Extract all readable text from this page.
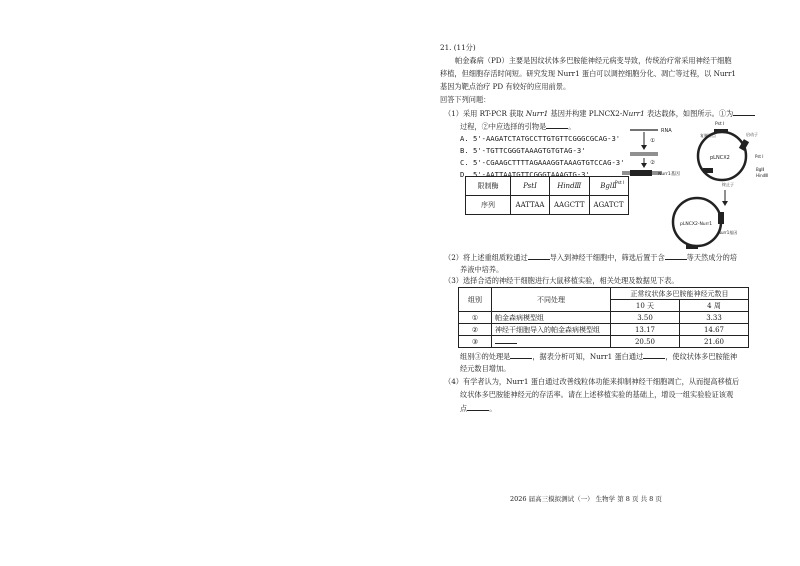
21. (11分)
帕金森病（PD）主要是因纹状体多巴胺能神经元病变导致，传统治疗常采用神经干细胞
移植，但细胞存活时间短。研究发现 Nurr1 蛋白可以调控细胞分化、凋亡等过程，以 Nurr1
基因为靶点治疗 PD 有较好的应用前景。
回答下列问题：
（1）采用 RT-PCR 获取 Nurr1 基因并构建 PLNCX2-Nurr1 表达载体，如图所示。①为
过程，②中应选择的引物是	。
A. 5'-AAGATCTATGCCTTGTGTTCGGGCGCAG-3'
B. 5'-TGTTCGGGTAAAGTGTGTAG-3'
C. 5'-CGAAGCTTTTAGAAAGGTAAAGTGTCCAG-3'
D. 5'-AATTAATGTTCGGGTAAAGTG-3'
限制酶	PstI	HindⅢ	BglⅡ
序列	AATTAA	AAGCTT	AGATCT
RNA
①
②
Nurr1基因
Pst I
pLNCX2
Pst I
复制原点	启动子
Pst I
BglⅡ
HindⅢ
终止子
pLNCX2-Nurr1
Nurr1基因
（2）将上述重组质粒通过	导入到神经干细胞中，筛选后置于含	等天然成分的培
养液中培养。
（3）选择合适的神经干细胞进行大鼠移植实验，相关处理及数据见下表。
组别	不同处理	正常纹状体多巴胺能神经元数目	
		10 天	4 周
①	帕金森病模型组	3.50	3.33
②	神经干细胞导入的帕金森病模型组	13.17	14.67
③		20.50	21.60
组别③的处理是	，据表分析可知，Nurr1 蛋白通过	，使纹状体多巴胺能神
经元数目增加。
（4）有学者认为，Nurr1 蛋白通过改善线粒体功能来抑制神经干细胞凋亡，从而提高移植后
纹状体多巴胺能神经元的存活率。请在上述移植实验的基础上，增设一组实验验证该观
点	。
2026 届高三模拟测试（一） 生物学 第 8 页 共 8 页
